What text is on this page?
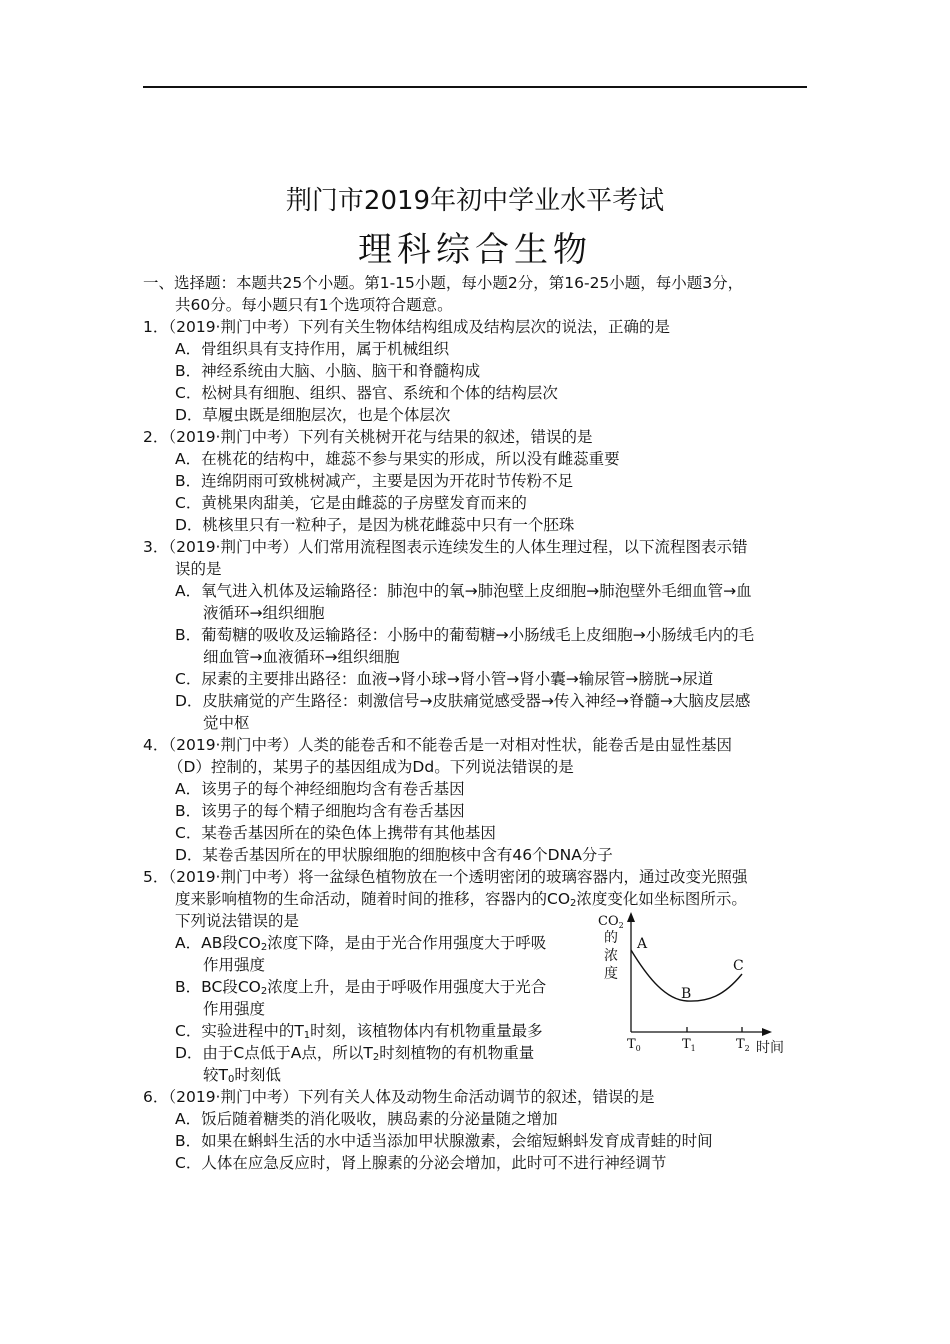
荆门市2019年初中学业水平考试
理科综合生物
一、选择题：本题共25个小题。第1-15小题，每小题2分，第16-25小题，每小题3分，
共60分。每小题只有1个选项符合题意。
1．（2019·荆门中考）下列有关生物体结构组成及结构层次的说法，正确的是
A．骨组织具有支持作用，属于机械组织
B．神经系统由大脑、小脑、脑干和脊髓构成
C．松树具有细胞、组织、器官、系统和个体的结构层次
D．草履虫既是细胞层次，也是个体层次
2．（2019·荆门中考）下列有关桃树开花与结果的叙述，错误的是
A．在桃花的结构中，雄蕊不参与果实的形成，所以没有雌蕊重要
B．连绵阴雨可致桃树减产，主要是因为开花时节传粉不足
C．黄桃果肉甜美，它是由雌蕊的子房壁发育而来的
D．桃核里只有一粒种子，是因为桃花雌蕊中只有一个胚珠
3．（2019·荆门中考）人们常用流程图表示连续发生的人体生理过程，以下流程图表示错
误的是
A．氧气进入机体及运输路径：肺泡中的氧→肺泡壁上皮细胞→肺泡壁外毛细血管→血
液循环→组织细胞
B．葡萄糖的吸收及运输路径：小肠中的葡萄糖→小肠绒毛上皮细胞→小肠绒毛内的毛
细血管→血液循环→组织细胞
C．尿素的主要排出路径：血液→肾小球→肾小管→肾小囊→输尿管→膀胱→尿道
D．皮肤痛觉的产生路径：刺激信号→皮肤痛觉感受器→传入神经→脊髓→大脑皮层感
觉中枢
4．（2019·荆门中考）人类的能卷舌和不能卷舌是一对相对性状，能卷舌是由显性基因
（D）控制的，某男子的基因组成为Dd。下列说法错误的是
A．该男子的每个神经细胞均含有卷舌基因
B．该男子的每个精子细胞均含有卷舌基因
C．某卷舌基因所在的染色体上携带有其他基因
D．某卷舌基因所在的甲状腺细胞的细胞核中含有46个DNA分子
5．（2019·荆门中考）将一盆绿色植物放在一个透明密闭的玻璃容器内，通过改变光照强
度来影响植物的生命活动，随着时间的推移，容器内的$CO_2$浓度变化如坐标图所示。
下列说法错误的是
A．AB段$CO_2$浓度下降，是由于光合作用强度大于呼吸
作用强度
B．BC段$CO_2$浓度上升，是由于呼吸作用强度大于光合
作用强度
C．实验进程中的$T_1$时刻，该植物体内有机物重量最多
D．由于C点低于A点，所以$T_2$时刻植物的有机物重量
较$T_0$时刻低
6．（2019·荆门中考）下列有关人体及动物生命活动调节的叙述，错误的是
A．饭后随着糖类的消化吸收，胰岛素的分泌量随之增加
B．如果在蝌蚪生活的水中适当添加甲状腺激素，会缩短蝌蚪发育成青蛙的时间
C．人体在应急反应时，肾上腺素的分泌会增加，此时可不进行神经调节
$CO_2$
的
浓
度
A
B
C
$T_0$	$T_1$	$T_2$ 时间
